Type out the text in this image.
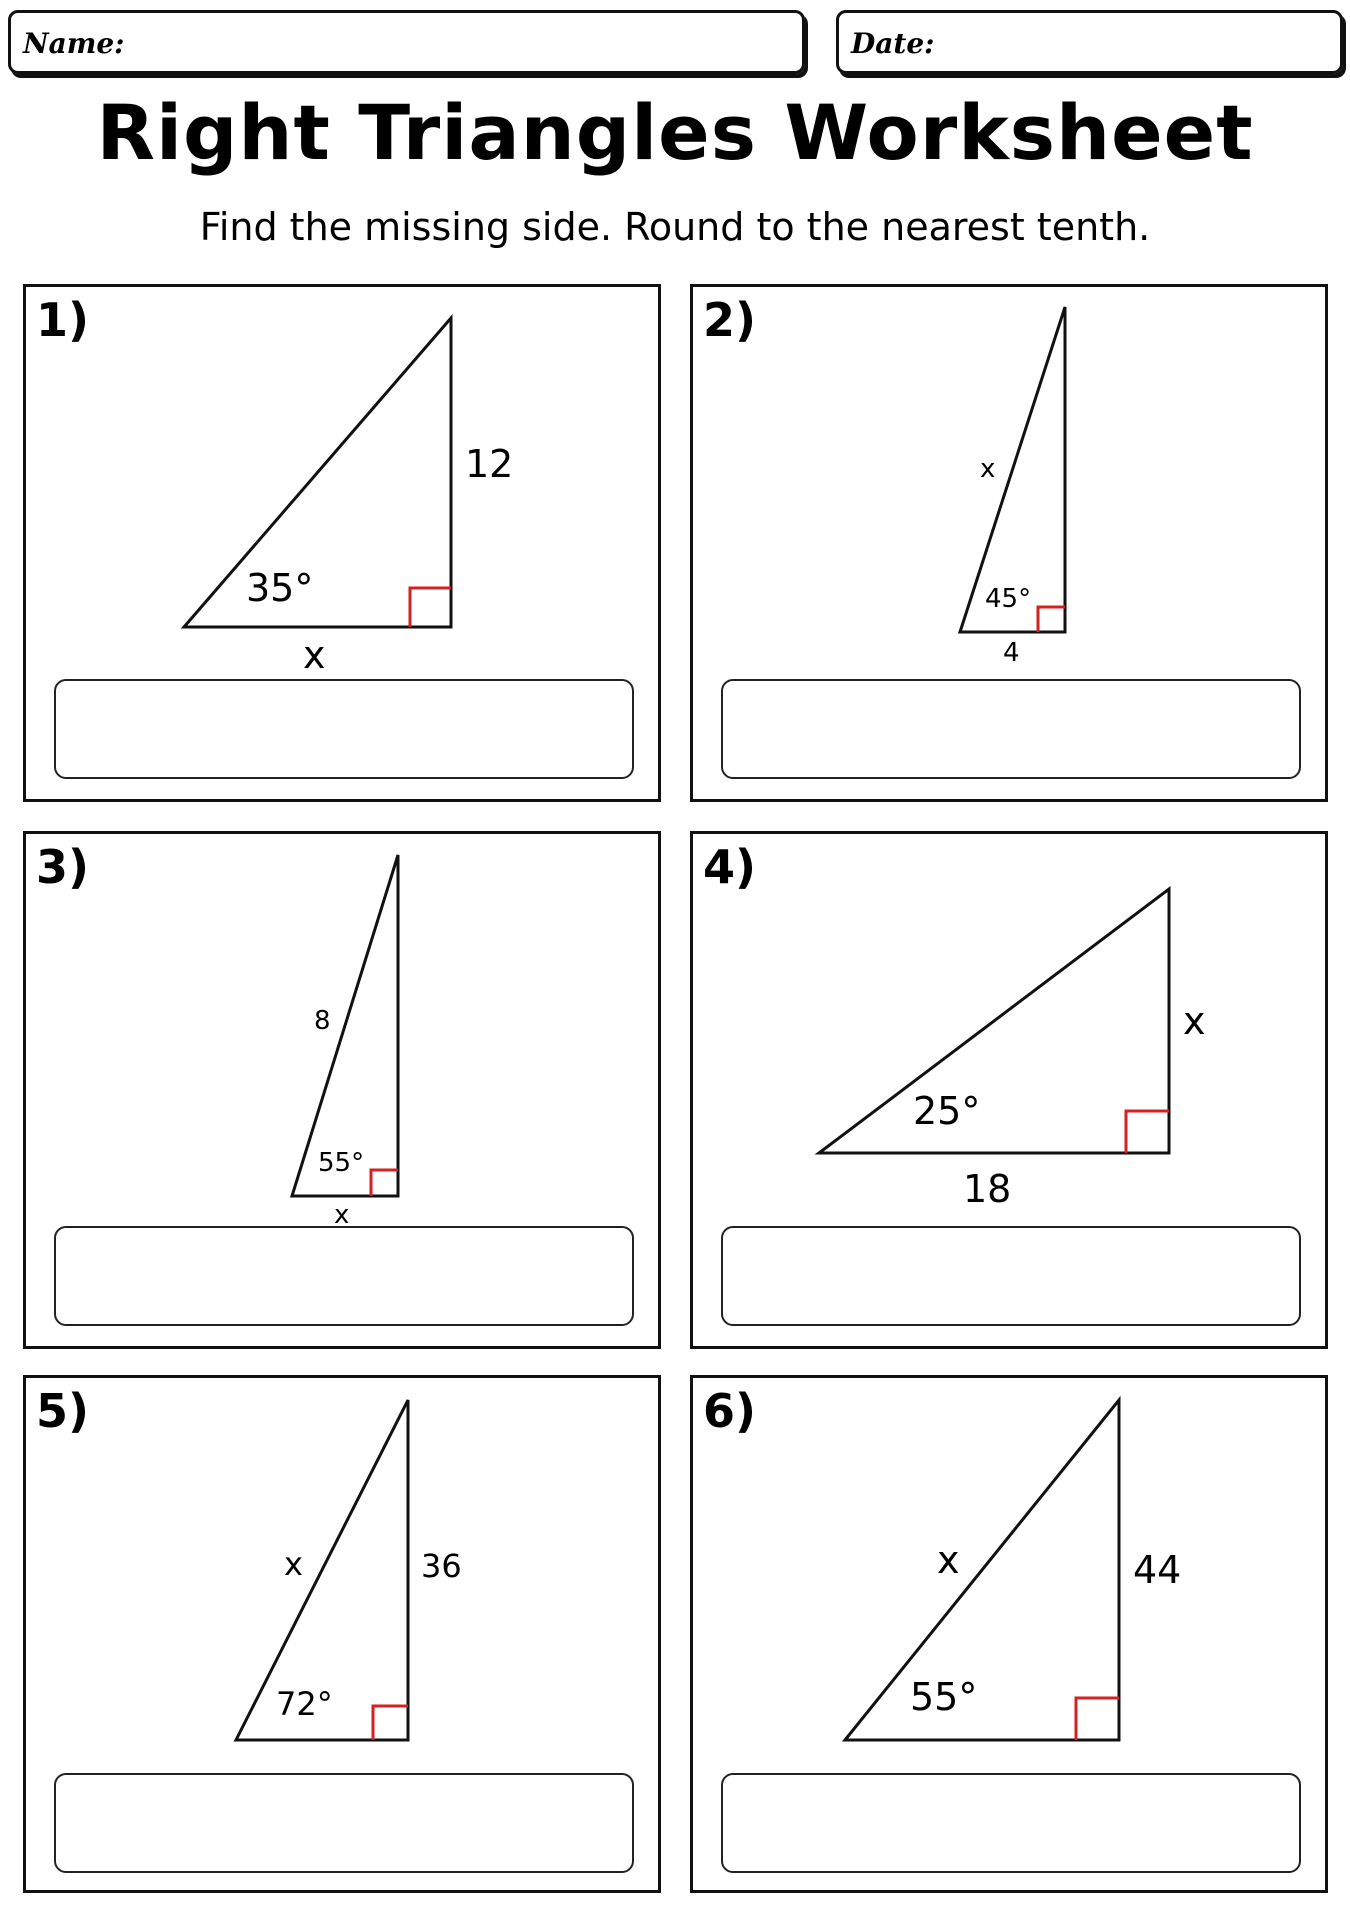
Name:	Date:
Right Triangles Worksheet
Find the missing side. Round to the nearest tenth.
1)
35°
12
x
2)
45°
x
4
3)
55°
8
x
4)
25°
x
18
5)
72°
x	36
6)
55°
x	44
